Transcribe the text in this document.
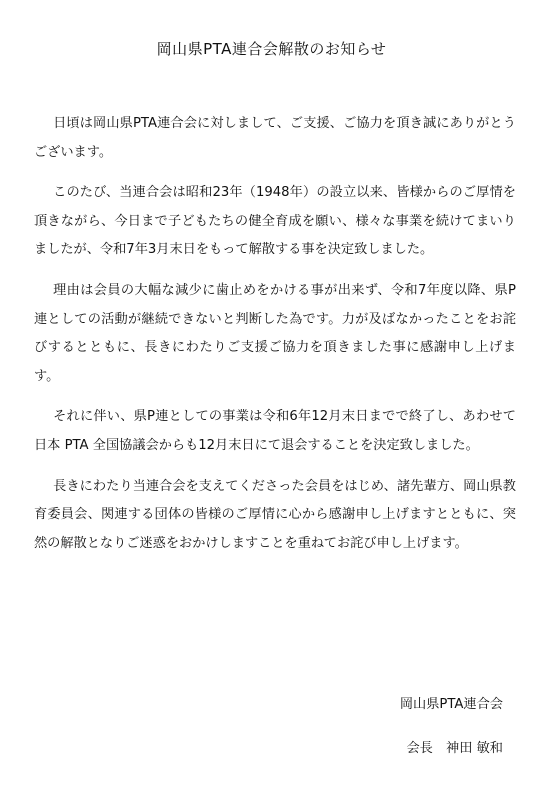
岡山県PTA連合会解散のお知らせ

日頃は岡山県PTA連合会に対しまして、ご支援、ご協力を頂き誠にありがとうございます。

このたび、当連合会は昭和23年（1948年）の設立以来、皆様からのご厚情を頂きながら、今日まで子どもたちの健全育成を願い、様々な事業を続けてまいりましたが、令和7年3月末日をもって解散する事を決定致しました。

理由は会員の大幅な減少に歯止めをかける事が出来ず、令和7年度以降、県P連としての活動が継続できないと判断した為です。力が及ばなかったことをお詫びするとともに、長きにわたりご支援ご協力を頂きました事に感謝申し上げます。

それに伴い、県P連としての事業は令和6年12月末日までで終了し、あわせて日本 PTA 全国協議会からも12月末日にて退会することを決定致しました。

長きにわたり当連合会を支えてくださった会員をはじめ、諸先輩方、岡山県教育委員会、関連する団体の皆様のご厚情に心から感謝申し上げますとともに、突然の解散となりご迷惑をおかけしますことを重ねてお詫び申し上げます。

岡山県PTA連合会
会長　神田 敏和
